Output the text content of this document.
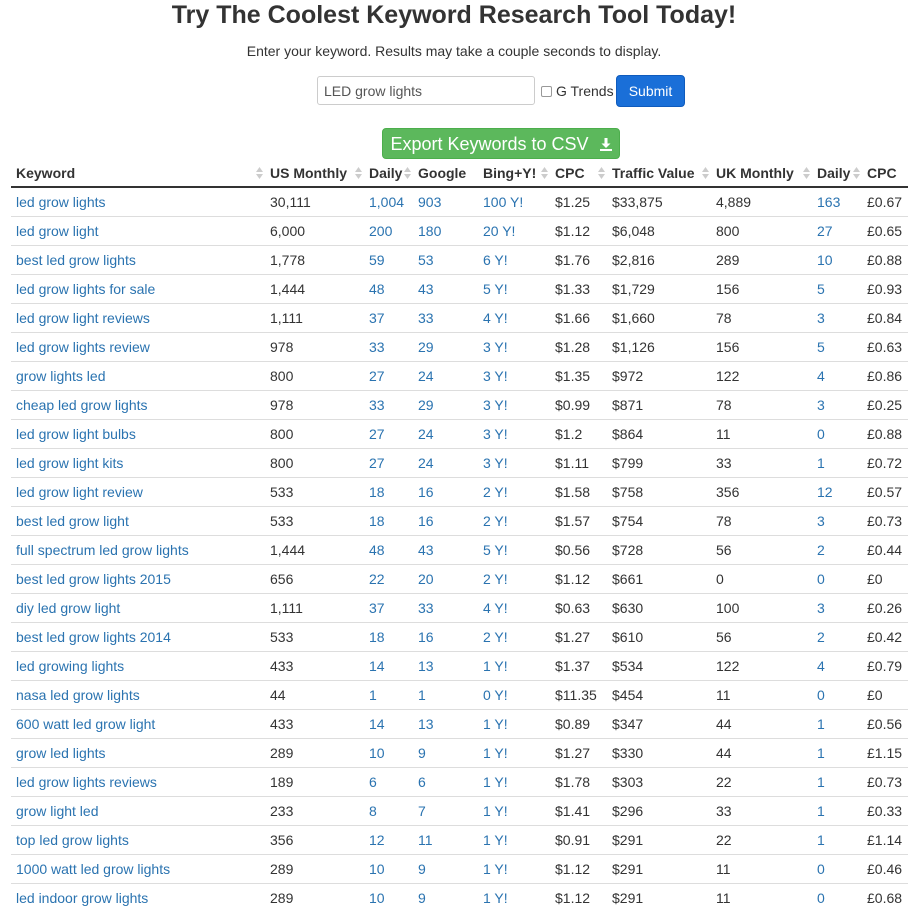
Try The Coolest Keyword Research Tool Today!
Enter your keyword. Results may take a couple seconds to display.
LED grow lights
G Trends	Submit
Export Keywords to CSV
Keyword	US Monthly	Daily	Google	Bing+Y!	CPC	Traffic Value	UK Monthly	Daily	CPC
led grow lights	30,111	1,004	903	100 Y!	$1.25	$33,875	4,889	163	£0.67
led grow light	6,000	200	180	20 Y!	$1.12	$6,048	800	27	£0.65
best led grow lights	1,778	59	53	6 Y!	$1.76	$2,816	289	10	£0.88
led grow lights for sale	1,444	48	43	5 Y!	$1.33	$1,729	156	5	£0.93
led grow light reviews	1,111	37	33	4 Y!	$1.66	$1,660	78	3	£0.84
led grow lights review	978	33	29	3 Y!	$1.28	$1,126	156	5	£0.63
grow lights led	800	27	24	3 Y!	$1.35	$972	122	4	£0.86
cheap led grow lights	978	33	29	3 Y!	$0.99	$871	78	3	£0.25
led grow light bulbs	800	27	24	3 Y!	$1.2	$864	11	0	£0.88
led grow light kits	800	27	24	3 Y!	$1.11	$799	33	1	£0.72
led grow light review	533	18	16	2 Y!	$1.58	$758	356	12	£0.57
best led grow light	533	18	16	2 Y!	$1.57	$754	78	3	£0.73
full spectrum led grow lights	1,444	48	43	5 Y!	$0.56	$728	56	2	£0.44
best led grow lights 2015	656	22	20	2 Y!	$1.12	$661	0	0	£0
diy led grow light	1,111	37	33	4 Y!	$0.63	$630	100	3	£0.26
best led grow lights 2014	533	18	16	2 Y!	$1.27	$610	56	2	£0.42
led growing lights	433	14	13	1 Y!	$1.37	$534	122	4	£0.79
nasa led grow lights	44	1	1	0 Y!	$11.35	$454	11	0	£0
600 watt led grow light	433	14	13	1 Y!	$0.89	$347	44	1	£0.56
grow led lights	289	10	9	1 Y!	$1.27	$330	44	1	£1.15
led grow lights reviews	189	6	6	1 Y!	$1.78	$303	22	1	£0.73
grow light led	233	8	7	1 Y!	$1.41	$296	33	1	£0.33
top led grow lights	356	12	11	1 Y!	$0.91	$291	22	1	£1.14
1000 watt led grow lights	289	10	9	1 Y!	$1.12	$291	11	0	£0.46
led indoor grow lights	289	10	9	1 Y!	$1.12	$291	11	0	£0.68
